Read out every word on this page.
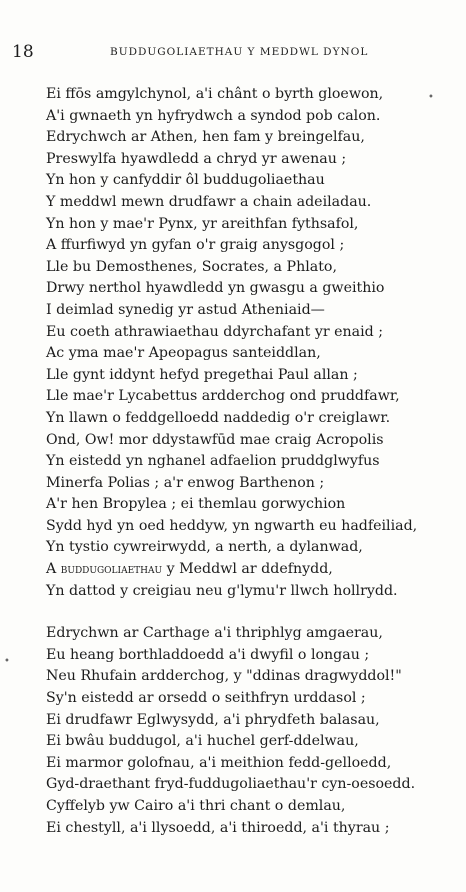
18	BUDDUGOLIAETHAU Y MEDDWL DYNOL
Ei ffōs amgylchynol, a'i chânt o byrth gloewon,
A'i gwnaeth yn hyfrydwch a syndod pob calon.
Edrychwch ar Athen, hen fam y breingelfau,
Preswylfa hyawdledd a chryd yr awenau ;
Yn hon y canfyddir ôl buddugoliaethau
Y meddwl mewn drudfawr a chain adeiladau.
Yn hon y mae'r Pynx, yr areithfan fythsafol,
A ffurfiwyd yn gyfan o'r graig anysgogol ;
Lle bu Demosthenes, Socrates, a Phlato,
Drwy nerthol hyawdledd yn gwasgu a gweithio
I deimlad synedig yr astud Atheniaid—
Eu coeth athrawiaethau ddyrchafant yr enaid ;
Ac yma mae'r Apeopagus santeiddlan,
Lle gynt iddynt hefyd pregethai Paul allan ;
Lle mae'r Lycabettus ardderchog ond pruddfawr,
Yn llawn o feddgelloedd naddedig o'r creiglawr.
Ond, Ow! mor ddystawfūd mae craig Acropolis
Yn eistedd yn nghanel adfaelion pruddglwyfus
Minerfa Polias ; a'r enwog Barthenon ;
A'r hen Bropylea ; ei themlau gorwychion
Sydd hyd yn oed heddyw, yn ngwarth eu hadfeiliad,
Yn tystio cywreirwydd, a nerth, a dylanwad,
A buddugoliaethau y Meddwl ar ddefnydd,
Yn dattod y creigiau neu g'lymu'r llwch hollrydd.
Edrychwn ar Carthage a'i thriphlyg amgaerau,
Eu heang borthladdoedd a'i dwyfil o longau ;
Neu Rhufain ardderchog, y "ddinas dragwyddol!"
Sy'n eistedd ar orsedd o seithfryn urddasol ;
Ei drudfawr Eglwysydd, a'i phrydfeth balasau,
Ei bwâu buddugol, a'i huchel gerf-ddelwau,
Ei marmor golofnau, a'i meithion fedd-gelloedd,
Gyd-draethant fryd-fuddugoliaethau'r cyn-oesoedd.
Cyffelyb yw Cairo a'i thri chant o demlau,
Ei chestyll, a'i llysoedd, a'i thiroedd, a'i thyrau ;
•
•
